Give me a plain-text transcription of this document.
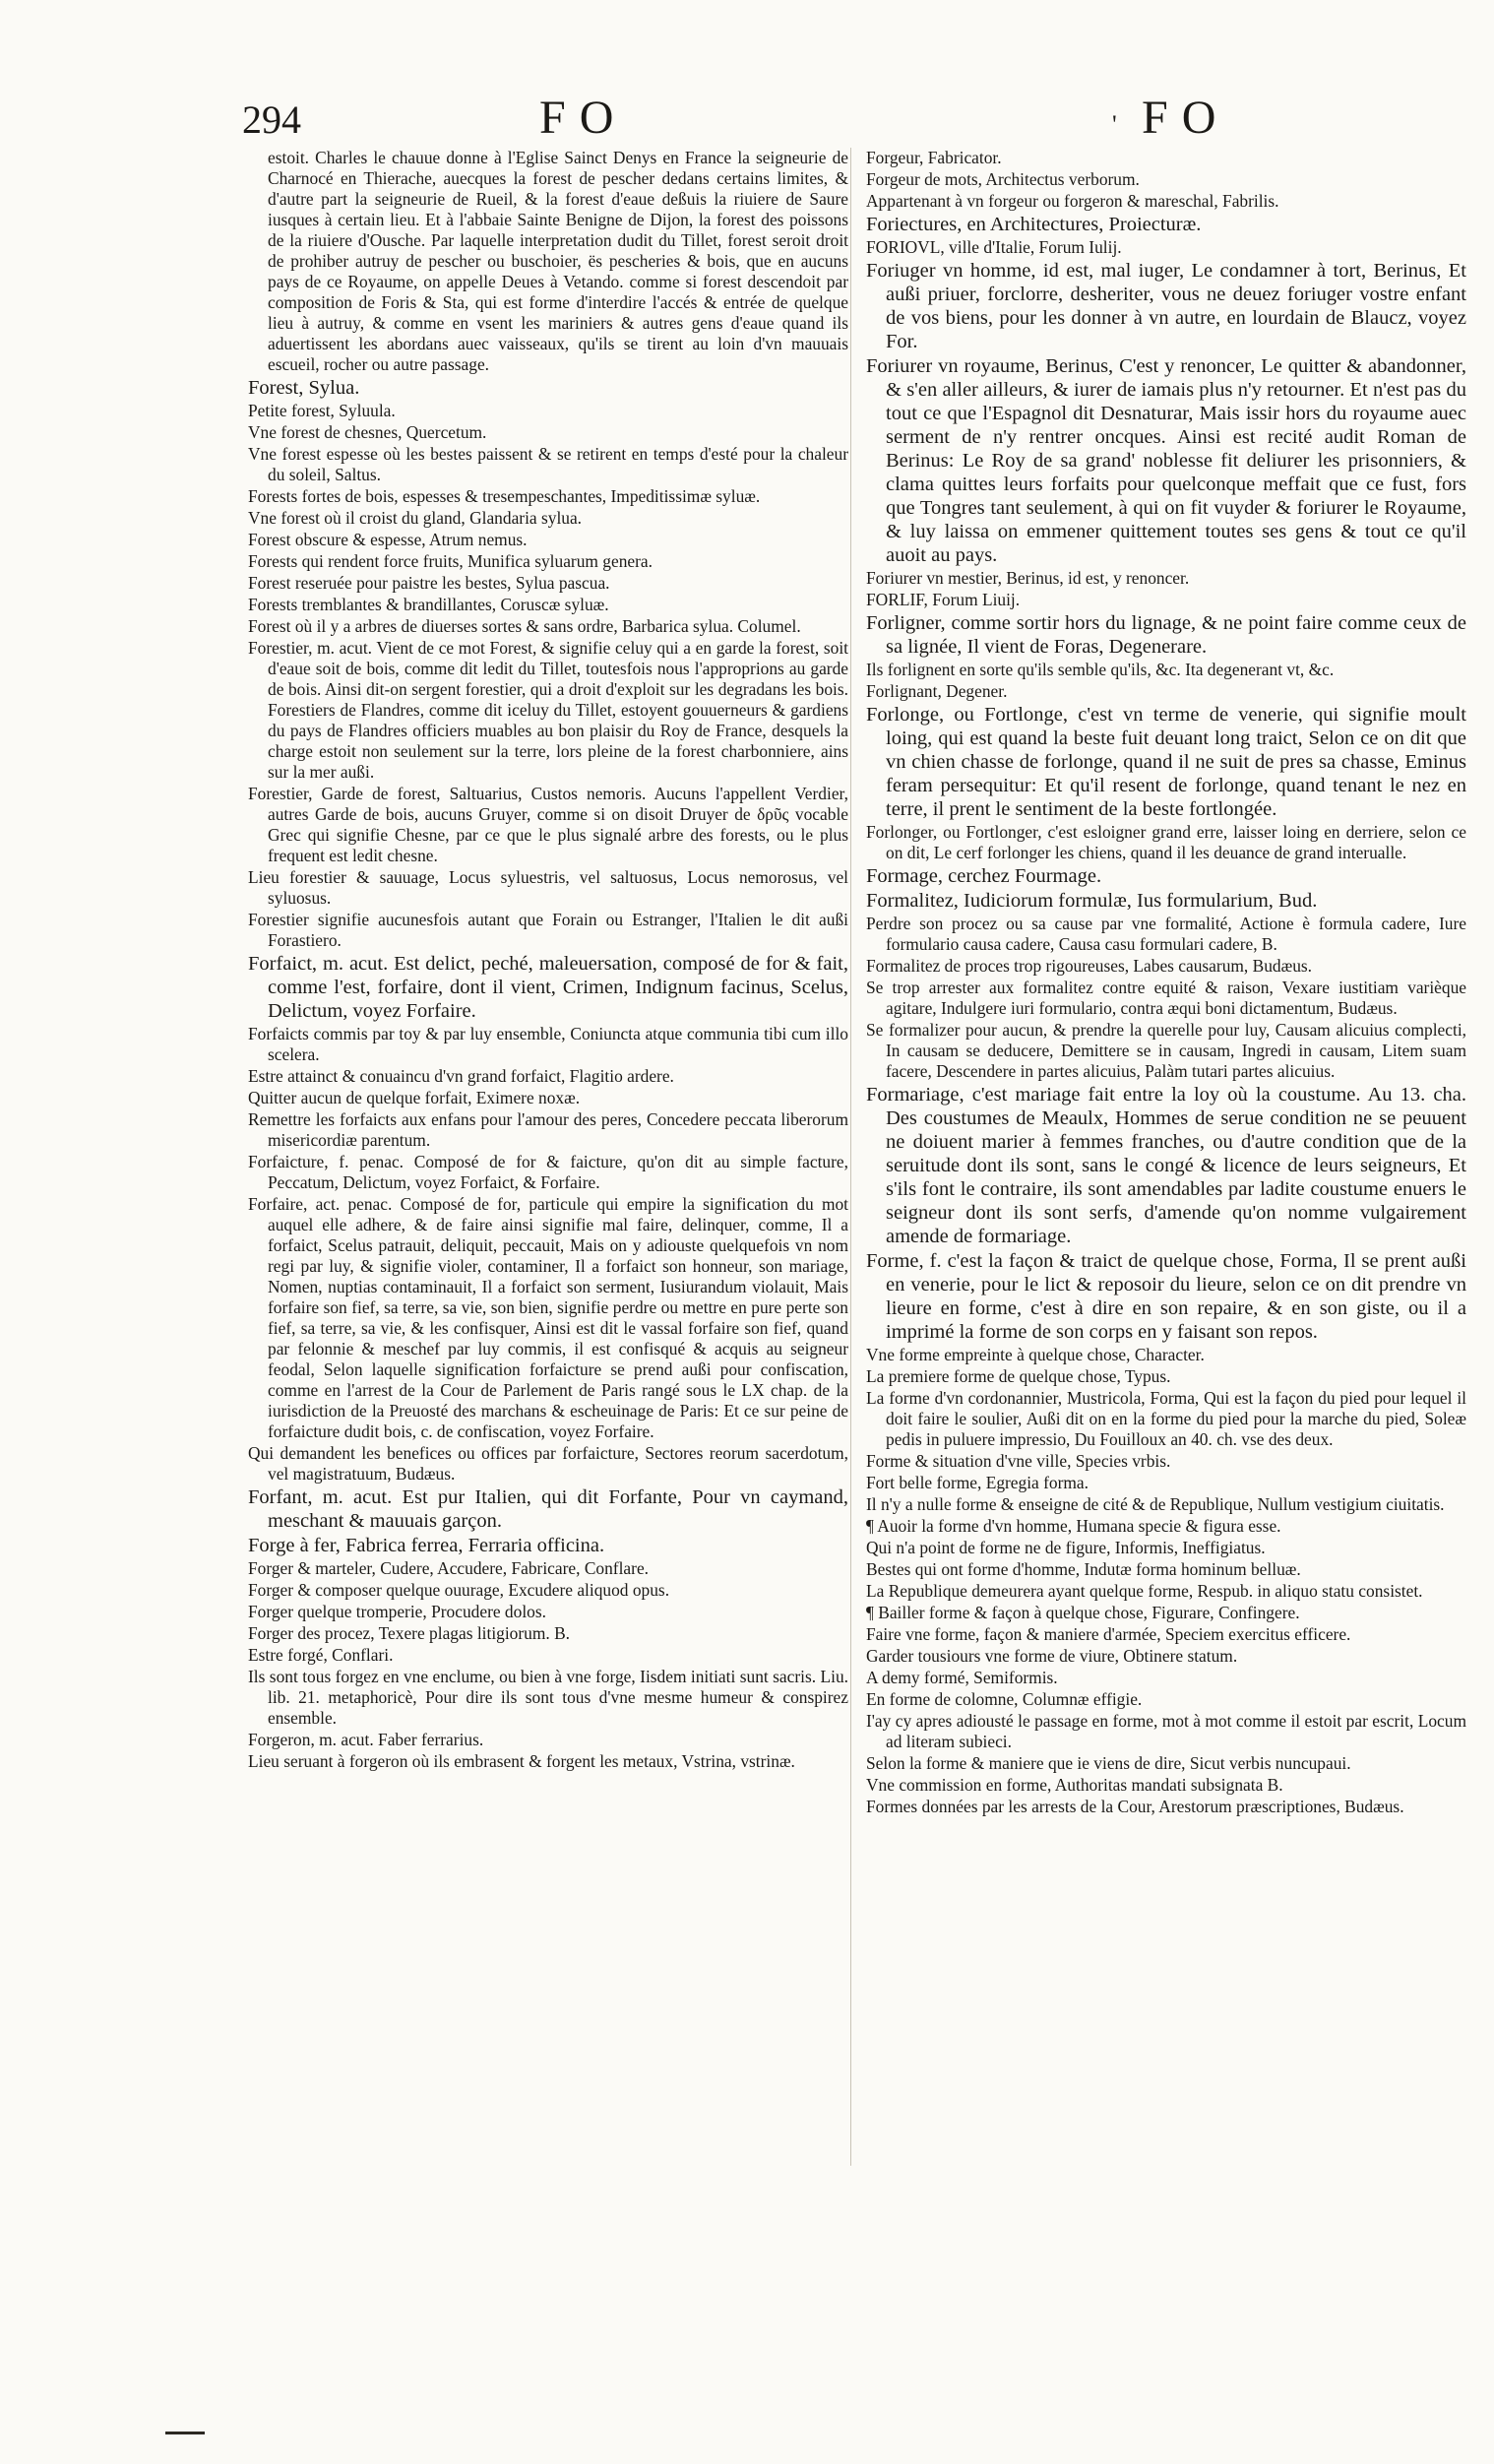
294	FO	' FO

estoit. Charles le chauue donne à l'Eglise Sainct Denys en France la seigneurie de Charnocé en Thierache, auecques la forest de pescher dedans certains limites, & d'autre part la seigneurie de Rueil, & la forest d'eaue deßuis la riuiere de Saure iusques à certain lieu. Et à l'abbaie Sainte Benigne de Dijon, la forest des poissons de la riuiere d'Ousche. Par laquelle interpretation dudit du Tillet, forest seroit droit de prohiber autruy de pescher ou buschoier, ës pescheries & bois, que en aucuns pays de ce Royaume, on appelle Deues à Vetando. comme si forest descendoit par composition de Foris & Sta, qui est forme d'interdire l'accés & entrée de quelque lieu à autruy, & comme en vsent les mariniers & autres gens d'eaue quand ils aduertissent les abordans auec vaisseaux, qu'ils se tirent au loin d'vn mauuais escueil, rocher ou autre passage.

Forest, Sylua.

Petite forest, Syluula.

Vne forest de chesnes, Quercetum.

Vne forest espesse où les bestes paissent & se retirent en temps d'esté pour la chaleur du soleil, Saltus.

Forests fortes de bois, espesses & tresempeschantes, Impeditissimæ syluæ.

Vne forest où il croist du gland, Glandaria sylua.

Forest obscure & espesse, Atrum nemus.

Forests qui rendent force fruits, Munifica syluarum genera.

Forest reseruée pour paistre les bestes, Sylua pascua.

Forests tremblantes & brandillantes, Coruscæ syluæ.

Forest où il y a arbres de diuerses sortes & sans ordre, Barbarica sylua. Columel.

Forestier, m. acut. Vient de ce mot Forest, & signifie celuy qui a en garde la forest, soit d'eaue soit de bois, comme dit ledit du Tillet, toutesfois nous l'approprions au garde de bois. Ainsi dit-on sergent forestier, qui a droit d'exploit sur les degradans les bois. Forestiers de Flandres, comme dit iceluy du Tillet, estoyent gouuerneurs & gardiens du pays de Flandres officiers muables au bon plaisir du Roy de France, desquels la charge estoit non seulement sur la terre, lors pleine de la forest charbonniere, ains sur la mer außi.

Forestier, Garde de forest, Saltuarius, Custos nemoris. Aucuns l'appellent Verdier, autres Garde de bois, aucuns Gruyer, comme si on disoit Druyer de δρῦς vocable Grec qui signifie Chesne, par ce que le plus signalé arbre des forests, ou le plus frequent est ledit chesne.

Lieu forestier & sauuage, Locus syluestris, vel saltuosus, Locus nemorosus, vel syluosus.

Forestier signifie aucunesfois autant que Forain ou Estranger, l'Italien le dit außi Forastiero.

Forfaict, m. acut. Est delict, peché, maleuersation, composé de for & fait, comme l'est, forfaire, dont il vient, Crimen, Indignum facinus, Scelus, Delictum, voyez Forfaire.

Forfaicts commis par toy & par luy ensemble, Coniuncta atque communia tibi cum illo scelera.

Estre attainct & conuaincu d'vn grand forfaict, Flagitio ardere.

Quitter aucun de quelque forfait, Eximere noxæ.

Remettre les forfaicts aux enfans pour l'amour des peres, Concedere peccata liberorum misericordiæ parentum.

Forfaicture, f. penac. Composé de for & faicture, qu'on dit au simple facture, Peccatum, Delictum, voyez Forfaict, & Forfaire.

Forfaire, act. penac. Composé de for, particule qui empire la signification du mot auquel elle adhere, & de faire ainsi signifie mal faire, delinquer, comme, Il a forfaict, Scelus patrauit, deliquit, peccauit, Mais on y adiouste quelquefois vn nom regi par luy, & signifie violer, contaminer, Il a forfaict son honneur, son mariage, Nomen, nuptias contaminauit, Il a forfaict son serment, Iusiurandum violauit, Mais forfaire son fief, sa terre, sa vie, son bien, signifie perdre ou mettre en pure perte son fief, sa terre, sa vie, & les confisquer, Ainsi est dit le vassal forfaire son fief, quand par felonnie & meschef par luy commis, il est confisqué & acquis au seigneur feodal, Selon laquelle signification forfaicture se prend außi pour confiscation, comme en l'arrest de la Cour de Parlement de Paris rangé sous le LX chap. de la iurisdiction de la Preuosté des marchans & escheuinage de Paris: Et ce sur peine de forfaicture dudit bois, c. de confiscation, voyez Forfaire.

Qui demandent les benefices ou offices par forfaicture, Sectores reorum sacerdotum, vel magistratuum, Budæus.

Forfant, m. acut. Est pur Italien, qui dit Forfante, Pour vn caymand, meschant & mauuais garçon.

Forge à fer, Fabrica ferrea, Ferraria officina.

Forger & marteler, Cudere, Accudere, Fabricare, Conflare.

Forger & composer quelque ouurage, Excudere aliquod opus.

Forger quelque tromperie, Procudere dolos.

Forger des procez, Texere plagas litigiorum. B.

Estre forgé, Conflari.

Ils sont tous forgez en vne enclume, ou bien à vne forge, Iisdem initiati sunt sacris. Liu. lib. 21. metaphoricè, Pour dire ils sont tous d'vne mesme humeur & conspirez ensemble.

Forgeron, m. acut. Faber ferrarius.

Lieu seruant à forgeron où ils embrasent & forgent les metaux, Vstrina, vstrinæ.

Forgeur, Fabricator.

Forgeur de mots, Architectus verborum.

Appartenant à vn forgeur ou forgeron & mareschal, Fabrilis.

Foriectures, en Architectures, Proiecturæ.

FORIOVL, ville d'Italie, Forum Iulij.

Foriuger vn homme, id est, mal iuger, Le condamner à tort, Berinus, Et außi priuer, forclorre, desheriter, vous ne deuez foriuger vostre enfant de vos biens, pour les donner à vn autre, en lourdain de Blaucz, voyez For.

Foriurer vn royaume, Berinus, C'est y renoncer, Le quitter & abandonner, & s'en aller ailleurs, & iurer de iamais plus n'y retourner. Et n'est pas du tout ce que l'Espagnol dit Desnaturar, Mais issir hors du royaume auec serment de n'y rentrer oncques. Ainsi est recité audit Roman de Berinus: Le Roy de sa grand' noblesse fit deliurer les prisonniers, & clama quittes leurs forfaits pour quelconque meffait que ce fust, fors que Tongres tant seulement, à qui on fit vuyder & foriurer le Royaume, & luy laissa on emmener quittement toutes ses gens & tout ce qu'il auoit au pays.

Foriurer vn mestier, Berinus, id est, y renoncer.

FORLIF, Forum Liuij.

Forligner, comme sortir hors du lignage, & ne point faire comme ceux de sa lignée, Il vient de Foras, Degenerare.

Ils forlignent en sorte qu'ils semble qu'ils, &c. Ita degenerant vt, &c.

Forlignant, Degener.

Forlonge, ou Fortlonge, c'est vn terme de venerie, qui signifie moult loing, qui est quand la beste fuit deuant long traict, Selon ce on dit que vn chien chasse de forlonge, quand il ne suit de pres sa chasse, Eminus feram persequitur: Et qu'il resent de forlonge, quand tenant le nez en terre, il prent le sentiment de la beste fortlongée.

Forlonger, ou Fortlonger, c'est esloigner grand erre, laisser loing en derriere, selon ce on dit, Le cerf forlonger les chiens, quand il les deuance de grand interualle.

Formage, cerchez Fourmage.

Formalitez, Iudiciorum formulæ, Ius formularium, Bud.

Perdre son procez ou sa cause par vne formalité, Actione è formula cadere, Iure formulario causa cadere, Causa casu formulari cadere, B.

Formalitez de proces trop rigoureuses, Labes causarum, Budæus.

Se trop arrester aux formalitez contre equité & raison, Vexare iustitiam varièque agitare, Indulgere iuri formulario, contra æqui boni dictamentum, Budæus.

Se formalizer pour aucun, & prendre la querelle pour luy, Causam alicuius complecti, In causam se deducere, Demittere se in causam, Ingredi in causam, Litem suam facere, Descendere in partes alicuius, Palàm tutari partes alicuius.

Formariage, c'est mariage fait entre la loy où la coustume. Au 13. cha. Des coustumes de Meaulx, Hommes de serue condition ne se peuuent ne doiuent marier à femmes franches, ou d'autre condition que de la seruitude dont ils sont, sans le congé & licence de leurs seigneurs, Et s'ils font le contraire, ils sont amendables par ladite coustume enuers le seigneur dont ils sont serfs, d'amende qu'on nomme vulgairement amende de formariage.

Forme, f. c'est la façon & traict de quelque chose, Forma, Il se prent außi en venerie, pour le lict & reposoir du lieure, selon ce on dit prendre vn lieure en forme, c'est à dire en son repaire, & en son giste, ou il a imprimé la forme de son corps en y faisant son repos.

Vne forme empreinte à quelque chose, Character.

La premiere forme de quelque chose, Typus.

La forme d'vn cordonannier, Mustricola, Forma, Qui est la façon du pied pour lequel il doit faire le soulier, Außi dit on en la forme du pied pour la marche du pied, Soleæ pedis in puluere impressio, Du Fouilloux an 40. ch. vse des deux.

Forme & situation d'vne ville, Species vrbis.

Fort belle forme, Egregia forma.

Il n'y a nulle forme & enseigne de cité & de Republique, Nullum vestigium ciuitatis.

¶ Auoir la forme d'vn homme, Humana specie & figura esse.

Qui n'a point de forme ne de figure, Informis, Ineffigiatus.

Bestes qui ont forme d'homme, Indutæ forma hominum belluæ.

La Republique demeurera ayant quelque forme, Respub. in aliquo statu consistet.

¶ Bailler forme & façon à quelque chose, Figurare, Confingere.

Faire vne forme, façon & maniere d'armée, Speciem exercitus efficere.

Garder tousiours vne forme de viure, Obtinere statum.

A demy formé, Semiformis.

En forme de colomne, Columnæ effigie.

I'ay cy apres adiousté le passage en forme, mot à mot comme il estoit par escrit, Locum ad literam subieci.

Selon la forme & maniere que ie viens de dire, Sicut verbis nuncupaui.

Vne commission en forme, Authoritas mandati subsignata B.

Formes données par les arrests de la Cour, Arestorum præscriptiones, Budæus.
